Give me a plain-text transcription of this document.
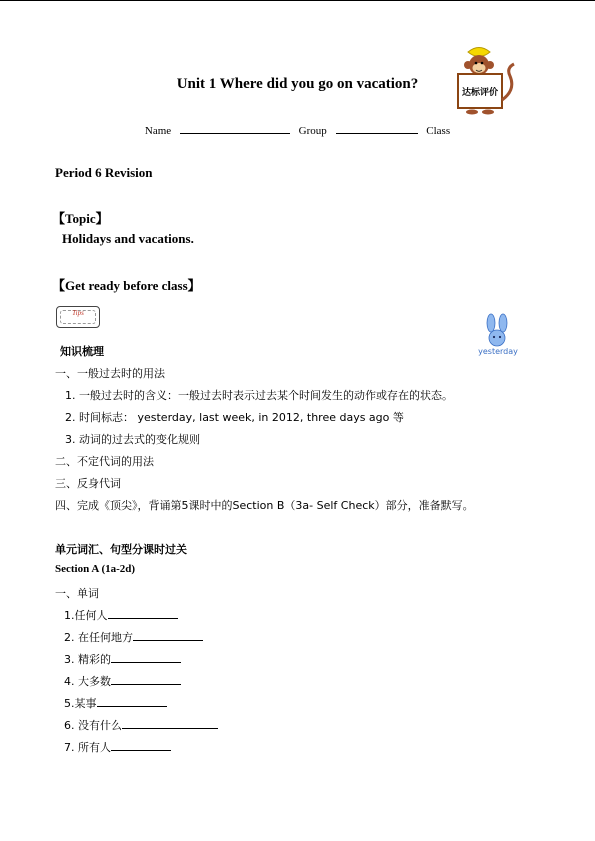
达标评价
Unit 1 Where did you go on vacation?
Name	Group	Class
Period 6 Revision
【Topic】
Holidays and vacations.
【Get ready before class】
Tips
yesterday
知识梳理
一、一般过去时的用法
1. 一般过去时的含义：一般过去时表示过去某个时间发生的动作或存在的状态。
2. 时间标志： yesterday, last week, in 2012, three days ago 等
3. 动词的过去式的变化规则
二、不定代词的用法
三、反身代词
四、完成《顶尖》，背诵第5课时中的Section B（3a- Self Check）部分，准备默写。
单元词汇、句型分课时过关
Section A (1a-2d)
一、单词
1.任何人
2. 在任何地方
3. 精彩的
4. 大多数
5.某事
6. 没有什么
7. 所有人
